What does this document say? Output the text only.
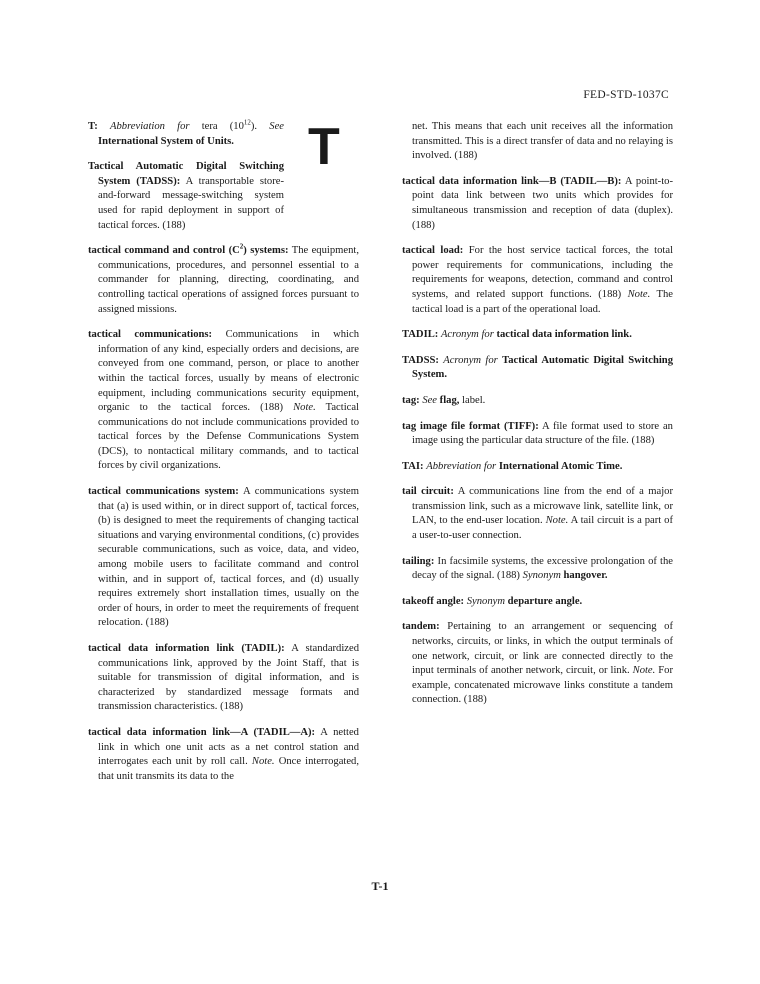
FED-STD-1037C
T

T: Abbreviation for tera $(10^{12})$. See International System of Units.

Tactical Automatic Digital Switching System (TADSS): A transportable store-and-forward message-switching system used for rapid deployment in support of tactical forces. (188)

tactical command and control $(C^2)$ systems: The equipment, communications, procedures, and personnel essential to a commander for planning, directing, coordinating, and controlling tactical operations of assigned forces pursuant to assigned missions.

tactical communications: Communications in which information of any kind, especially orders and decisions, are conveyed from one command, person, or place to another within the tactical forces, usually by means of electronic equipment, including communications security equipment, organic to the tactical forces. (188) Note. Tactical communications do not include communications provided to tactical forces by the Defense Communications System (DCS), to nontactical military commands, and to tactical forces by civil organizations.

tactical communications system: A communications system that (a) is used within, or in direct support of, tactical forces, (b) is designed to meet the requirements of changing tactical situations and varying environmental conditions, (c) provides securable communications, such as voice, data, and video, among mobile users to facilitate command and control within, and in support of, tactical forces, and (d) usually requires extremely short installation times, usually on the order of hours, in order to meet the requirements of frequent relocation. (188)

tactical data information link (TADIL): A standardized communications link, approved by the Joint Staff, that is suitable for transmission of digital information, and is characterized by standardized message formats and transmission characteristics. (188)

tactical data information link—A (TADIL—A): A netted link in which one unit acts as a net control station and interrogates each unit by roll call. Note. Once interrogated, that unit transmits its data to the

net. This means that each unit receives all the information transmitted. This is a direct transfer of data and no relaying is involved. (188)

tactical data information link—B (TADIL—B): A point-to-point data link between two units which provides for simultaneous transmission and reception of data (duplex). (188)

tactical load: For the host service tactical forces, the total power requirements for communications, including the requirements for weapons, detection, command and control systems, and related support functions. (188) Note. The tactical load is a part of the operational load.

TADIL: Acronym for tactical data information link.

TADSS: Acronym for Tactical Automatic Digital Switching System.

tag: See flag, label.

tag image file format (TIFF): A file format used to store an image using the particular data structure of the file. (188)

TAI: Abbreviation for International Atomic Time.

tail circuit: A communications line from the end of a major transmission link, such as a microwave link, satellite link, or LAN, to the end-user location. Note. A tail circuit is a part of a user-to-user connection.

tailing: In facsimile systems, the excessive prolongation of the decay of the signal. (188) Synonym hangover.

takeoff angle: Synonym departure angle.

tandem: Pertaining to an arrangement or sequencing of networks, circuits, or links, in which the output terminals of one network, circuit, or link are connected directly to the input terminals of another network, circuit, or link. Note. For example, concatenated microwave links constitute a tandem connection. (188)

T-1
